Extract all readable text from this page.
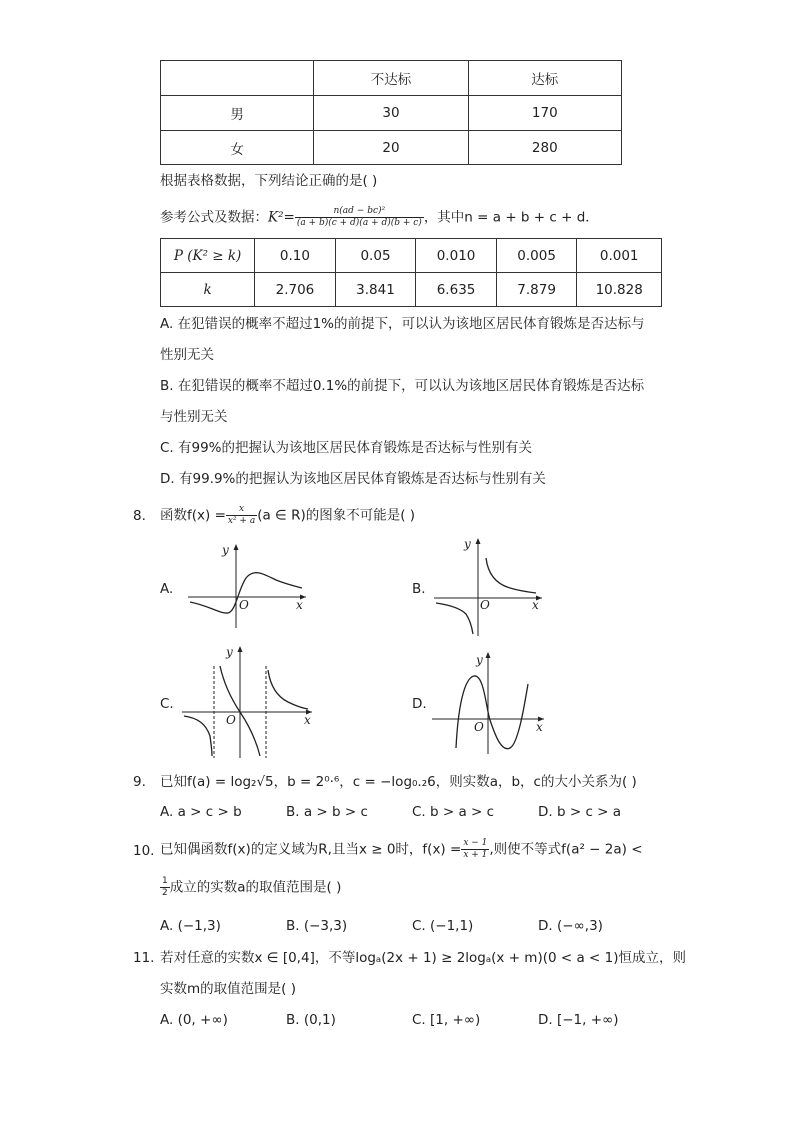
	不达标	达标
男	30	170
女	20	280
根据表格数据，下列结论正确的是( )
参考公式及数据：$K^2= \frac{\text{n(ad − bc)²}}{(a + b)(c + d)(a + d)(b + c)}$ ，其中n = a + b + c + d．
P (K² ≥ k)	0.10	0.05	0.010	0.005	0.001
k	2.706	3.841	6.635	7.879	10.828
A. 在犯错误的概率不超过1%的前提下，可以认为该地区居民体育锻炼是否达标与
性别无关
B. 在犯错误的概率不超过0.1%的前提下，可以认为该地区居民体育锻炼是否达标
与性别无关
C. 有99%的把握认为该地区居民体育锻炼是否达标与性别有关
D. 有99.9%的把握认为该地区居民体育锻炼是否达标与性别有关
8. 函数$f(x) = \frac{x}{\text{x² + a}} (a$ ∈ R)的图象不可能是( )
A.
y
x
O
B.
y
x
O
C.
y
x
O
D.
y
x
O
9. 已知f(a) = log₂√5，b = 2⁰·⁶，c = −log₀.₂6，则实数a，b，c的大小关系为( )
A. a > c > b	B. a > b > c	C. b > a > c	D. b > c > a
10. 已知偶函数f(x)的定义域为R,且当x ≥ 0时，$f(x) = \frac{x - 1}{x + 1}$ ,则使不等式f(a² − 2a) <
$\frac{1}{2}$ 成立的实数a的取值范围是( )
A. (−1,3)	B. (−3,3)	C. (−1,1)	D. (−∞,3)
11. 若对任意的实数x ∈ [0,4]，不等logₐ(2x + 1) ≥ 2logₐ(x + m)(0 < a < 1)恒成立，则
实数m的取值范围是( )
A. (0, +∞)	B. (0,1)	C. [1, +∞)	D. [−1, +∞)
